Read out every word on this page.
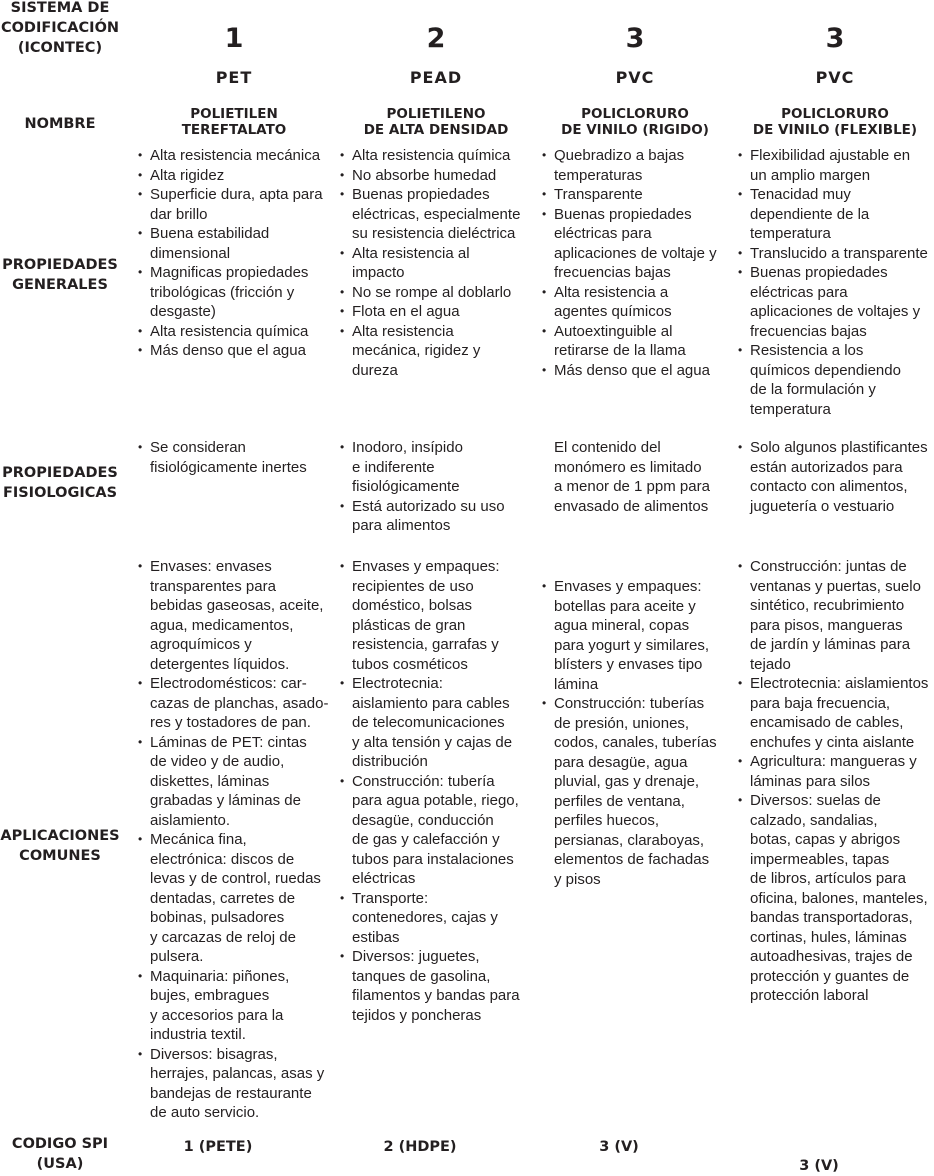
SISTEMA DE
CODIFICACIÓN
(ICONTEC)
NOMBRE
PROPIEDADES
GENERALES
PROPIEDADES
FISIOLOGICAS
APLICACIONES
COMUNES
CODIGO SPI
(USA)
1
PET
POLIETILEN
TEREFTALATO
• Alta resistencia mecánica
• Alta rigidez
• Superficie dura, apta para
dar brillo
• Buena estabilidad
dimensional
• Magnificas propiedades
tribológicas (fricción y
desgaste)
• Alta resistencia química
• Más denso que el agua
• Se consideran
fisiológicamente inertes
• Envases: envases
transparentes para
bebidas gaseosas, aceite,
agua, medicamentos,
agroquímicos y
detergentes líquidos.
• Electrodomésticos: car-
cazas de planchas, asado-
res y tostadores de pan.
• Láminas de PET: cintas
de video y de audio,
diskettes, láminas
grabadas y láminas de
aislamiento.
• Mecánica fina,
electrónica: discos de
levas y de control, ruedas
dentadas, carretes de
bobinas, pulsadores
y carcazas de reloj de
pulsera.
• Maquinaria: piñones,
bujes, embragues
y accesorios para la
industria textil.
• Diversos: bisagras,
herrajes, palancas, asas y
bandejas de restaurante
de auto servicio.
1 (PETE)
2
PEAD
POLIETILENO
DE ALTA DENSIDAD
• Alta resistencia química
• No absorbe humedad
• Buenas propiedades
eléctricas, especialmente
su resistencia dieléctrica
• Alta resistencia al
impacto
• No se rompe al doblarlo
• Flota en el agua
• Alta resistencia
mecánica, rigidez y
dureza
• Inodoro, insípido
e indiferente
fisiológicamente
• Está autorizado su uso
para alimentos
• Envases y empaques:
recipientes de uso
doméstico, bolsas
plásticas de gran
resistencia, garrafas y
tubos cosméticos
• Electrotecnia:
aislamiento para cables
de telecomunicaciones
y alta tensión y cajas de
distribución
• Construcción: tubería
para agua potable, riego,
desagüe, conducción
de gas y calefacción y
tubos para instalaciones
eléctricas
• Transporte:
contenedores, cajas y
estibas
• Diversos: juguetes,
tanques de gasolina,
filamentos y bandas para
tejidos y poncheras
2 (HDPE)
3
PVC
POLICLORURO
DE VINILO (RIGIDO)
• Quebradizo a bajas
temperaturas
• Transparente
• Buenas propiedades
eléctricas para
aplicaciones de voltaje y
frecuencias bajas
• Alta resistencia a
agentes químicos
• Autoextinguible al
retirarse de la llama
• Más denso que el agua
El contenido del
monómero es limitado
a menor de 1 ppm para
envasado de alimentos
• Envases y empaques:
botellas para aceite y
agua mineral, copas
para yogurt y similares,
blísters y envases tipo
lámina
• Construcción: tuberías
de presión, uniones,
codos, canales, tuberías
para desagüe, agua
pluvial, gas y drenaje,
perfiles de ventana,
perfiles huecos,
persianas, claraboyas,
elementos de fachadas
y pisos
3 (V)
3
PVC
POLICLORURO
DE VINILO (FLEXIBLE)
• Flexibilidad ajustable en
un amplio margen
• Tenacidad muy
dependiente de la
temperatura
• Translucido a transparente
• Buenas propiedades
eléctricas para
aplicaciones de voltajes y
frecuencias bajas
• Resistencia a los
químicos dependiendo
de la formulación y
temperatura
• Solo algunos plastificantes
están autorizados para
contacto con alimentos,
juguetería o vestuario
• Construcción: juntas de
ventanas y puertas, suelo
sintético, recubrimiento
para pisos, mangueras
de jardín y láminas para
tejado
• Electrotecnia: aislamientos
para baja frecuencia,
encamisado de cables,
enchufes y cinta aislante
• Agricultura: mangueras y
láminas para silos
• Diversos: suelas de
calzado, sandalias,
botas, capas y abrigos
impermeables, tapas
de libros, artículos para
oficina, balones, manteles,
bandas transportadoras,
cortinas, hules, láminas
autoadhesivas, trajes de
protección y guantes de
protección laboral
3 (V)
